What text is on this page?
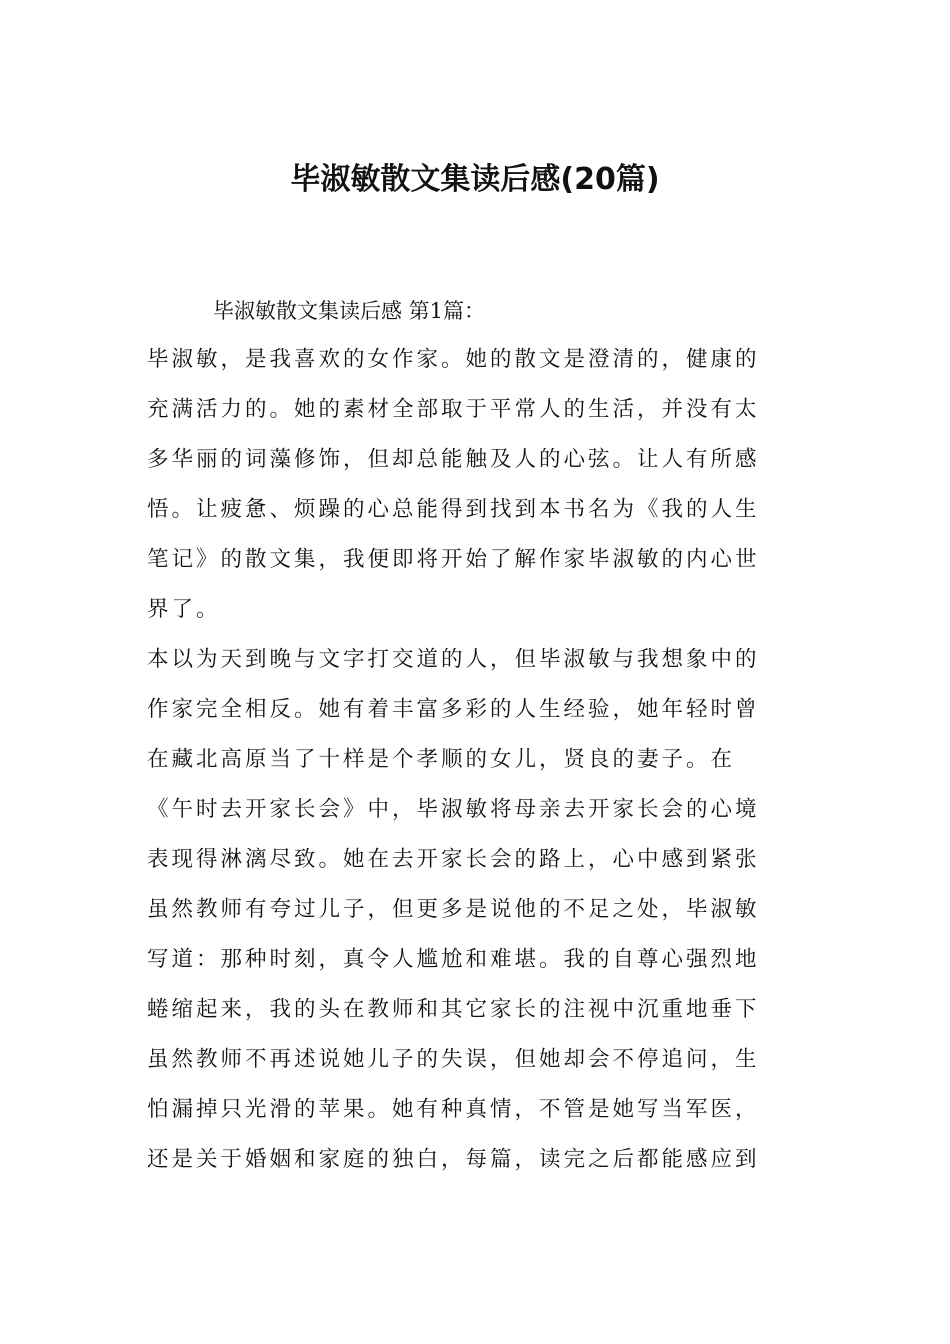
毕淑敏散文集读后感(20篇)
毕淑敏散文集读后感 第1篇：
毕淑敏，是我喜欢的女作家。她的散文是澄清的，健康的
充满活力的。她的素材全部取于平常人的生活，并没有太
多华丽的词藻修饰，但却总能触及人的心弦。让人有所感
悟。让疲惫、烦躁的心总能得到找到本书名为《我的人生
笔记》的散文集，我便即将开始了解作家毕淑敏的内心世
界了。
本以为天到晚与文字打交道的人，但毕淑敏与我想象中的
作家完全相反。她有着丰富多彩的人生经验，她年轻时曾
在藏北高原当了十样是个孝顺的女儿，贤良的妻子。在
《午时去开家长会》中，毕淑敏将母亲去开家长会的心境
表现得淋漓尽致。她在去开家长会的路上，心中感到紧张
虽然教师有夸过儿子，但更多是说他的不足之处，毕淑敏
写道：那种时刻，真令人尴尬和难堪。我的自尊心强烈地
蜷缩起来，我的头在教师和其它家长的注视中沉重地垂下
虽然教师不再述说她儿子的失误，但她却会不停追问，生
怕漏掉只光滑的苹果。她有种真情，不管是她写当军医，
还是关于婚姻和家庭的独白，每篇，读完之后都能感应到
